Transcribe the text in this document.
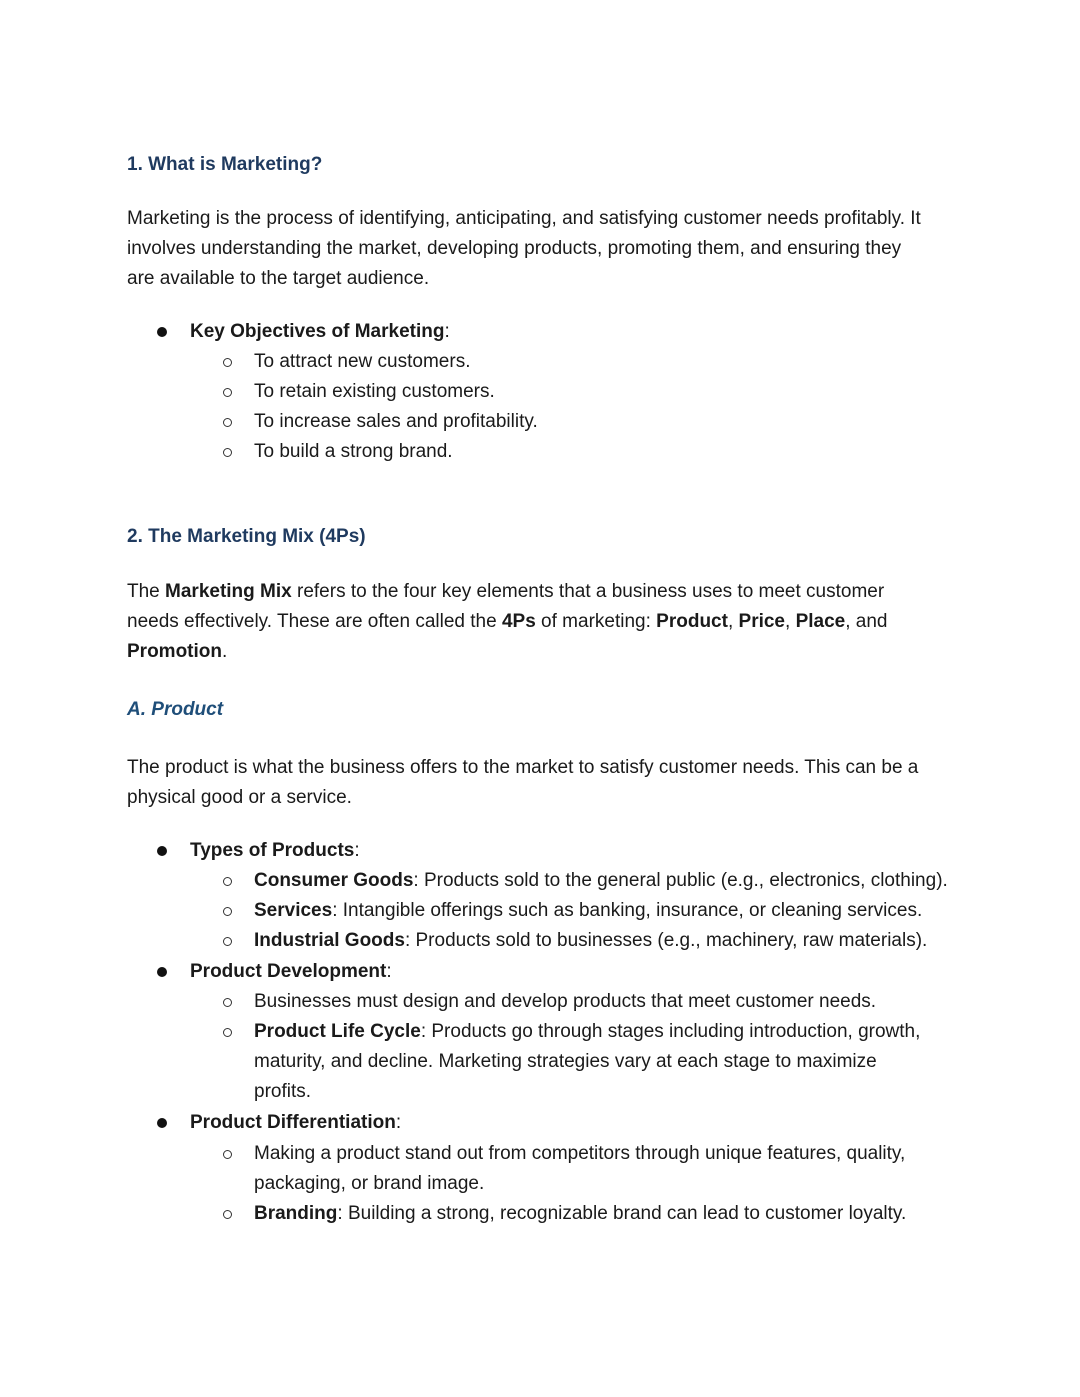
1. What is Marketing?
Marketing is the process of identifying, anticipating, and satisfying customer needs profitably. It
involves understanding the market, developing products, promoting them, and ensuring they
are available to the target audience.
Key Objectives of Marketing:
To attract new customers.
To retain existing customers.
To increase sales and profitability.
To build a strong brand.
2. The Marketing Mix (4Ps)
The Marketing Mix refers to the four key elements that a business uses to meet customer
needs effectively. These are often called the 4Ps of marketing: Product, Price, Place, and
Promotion.
A. Product
The product is what the business offers to the market to satisfy customer needs. This can be a
physical good or a service.
Types of Products:
Consumer Goods: Products sold to the general public (e.g., electronics, clothing).
Services: Intangible offerings such as banking, insurance, or cleaning services.
Industrial Goods: Products sold to businesses (e.g., machinery, raw materials).
Product Development:
Businesses must design and develop products that meet customer needs.
Product Life Cycle: Products go through stages including introduction, growth,
maturity, and decline. Marketing strategies vary at each stage to maximize
profits.
Product Differentiation:
Making a product stand out from competitors through unique features, quality,
packaging, or brand image.
Branding: Building a strong, recognizable brand can lead to customer loyalty.
